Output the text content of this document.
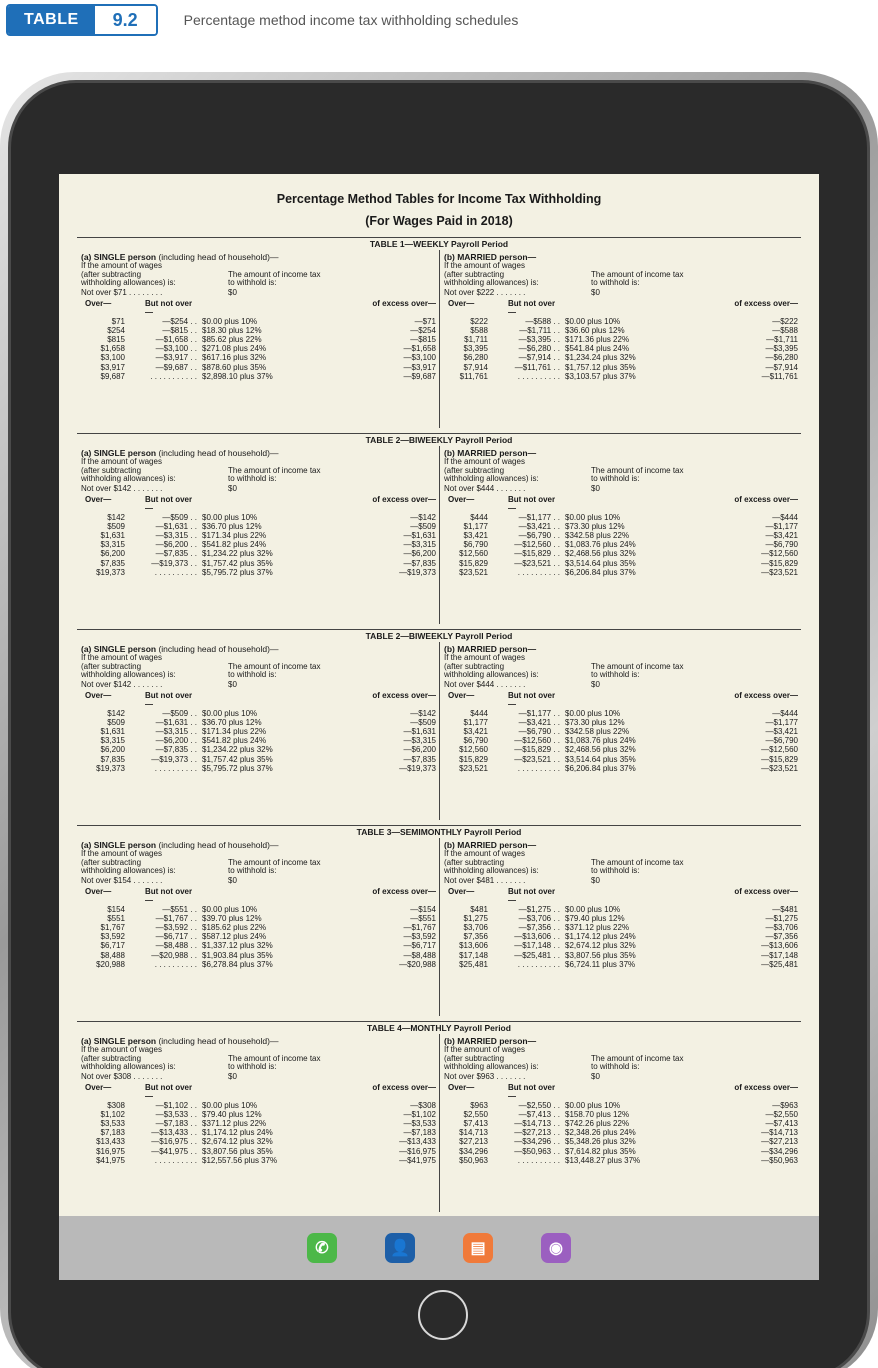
TABLE	9.2	Percentage method income tax withholding schedules
Percentage Method Tables for Income Tax Withholding
(For Wages Paid in 2018)
TABLE 1—WEEKLY Payroll Period
(a) SINGLE person (including head of household)—
If the amount of wages
(after subtracting	The amount of income tax
withholding allowances) is:	to withhold is:
Not over $71 . . . . . . . .	$0
Over—	But not over—
of excess over—
$71	—$254 . . $0.00 plus 10%	—$71
$254	—$815 . . $18.30 plus 12%	—$254
$815	—$1,658 . . $85.62 plus 22%	—$815
$1,658	—$3,100 . . $271.08 plus 24%	—$1,658
$3,100	—$3,917 . . $617.16 plus 32%	—$3,100
$3,917	—$9,687 . . $878.60 plus 35%	—$3,917
$9,687	. . . . . . . . . . . $2,898.10 plus 37%	—$9,687
(b) MARRIED person—
If the amount of wages
(after subtracting	The amount of income tax
withholding allowances) is:	to withhold is:
Not over $222 . . . . . . .	$0
Over—	But not over—
of excess over—
$222	—$588 . . $0.00 plus 10%	—$222
$588	—$1,711 . . $36.60 plus 12%	—$588
$1,711	—$3,395 . . $171.36 plus 22%	—$1,711
$3,395	—$6,280 . . $541.84 plus 24%	—$3,395
$6,280	—$7,914 . . $1,234.24 plus 32%	—$6,280
$7,914	—$11,761 . . $1,757.12 plus 35%	—$7,914
$11,761	. . . . . . . . . . $3,103.57 plus 37%	—$11,761
TABLE 2—BIWEEKLY Payroll Period
(a) SINGLE person (including head of household)—
If the amount of wages
(after subtracting	The amount of income tax
withholding allowances) is:	to withhold is:
Not over $142 . . . . . . .	$0
Over—	But not over—
of excess over—
$142	—$509 . . $0.00 plus 10%	—$142
$509	—$1,631 . . $36.70 plus 12%	—$509
$1,631	—$3,315 . . $171.34 plus 22%	—$1,631
$3,315	—$6,200 . . $541.82 plus 24%	—$3,315
$6,200	—$7,835 . . $1,234.22 plus 32%	—$6,200
$7,835	—$19,373 . . $1,757.42 plus 35%	—$7,835
$19,373	. . . . . . . . . . $5,795.72 plus 37%	—$19,373
(b) MARRIED person—
If the amount of wages
(after subtracting	The amount of income tax
withholding allowances) is:	to withhold is:
Not over $444 . . . . . . .	$0
Over—	But not over—
of excess over—
$444	—$1,177 . . $0.00 plus 10%	—$444
$1,177	—$3,421 . . $73.30 plus 12%	—$1,177
$3,421	—$6,790 . . $342.58 plus 22%	—$3,421
$6,790	—$12,560 . . $1,083.76 plus 24%	—$6,790
$12,560	—$15,829 . . $2,468.56 plus 32%	—$12,560
$15,829	—$23,521 . . $3,514.64 plus 35%	—$15,829
$23,521	. . . . . . . . . . $6,206.84 plus 37%	—$23,521
TABLE 2—BIWEEKLY Payroll Period
(a) SINGLE person (including head of household)—
If the amount of wages
(after subtracting	The amount of income tax
withholding allowances) is:	to withhold is:
Not over $142 . . . . . . .	$0
Over—	But not over—
of excess over—
$142	—$509 . . $0.00 plus 10%	—$142
$509	—$1,631 . . $36.70 plus 12%	—$509
$1,631	—$3,315 . . $171.34 plus 22%	—$1,631
$3,315	—$6,200 . . $541.82 plus 24%	—$3,315
$6,200	—$7,835 . . $1,234.22 plus 32%	—$6,200
$7,835	—$19,373 . . $1,757.42 plus 35%	—$7,835
$19,373	. . . . . . . . . . $5,795.72 plus 37%	—$19,373
(b) MARRIED person—
If the amount of wages
(after subtracting	The amount of income tax
withholding allowances) is:	to withhold is:
Not over $444 . . . . . . .	$0
Over—	But not over—
of excess over—
$444	—$1,177 . . $0.00 plus 10%	—$444
$1,177	—$3,421 . . $73.30 plus 12%	—$1,177
$3,421	—$6,790 . . $342.58 plus 22%	—$3,421
$6,790	—$12,560 . . $1,083.76 plus 24%	—$6,790
$12,560	—$15,829 . . $2,468.56 plus 32%	—$12,560
$15,829	—$23,521 . . $3,514.64 plus 35%	—$15,829
$23,521	. . . . . . . . . . $6,206.84 plus 37%	—$23,521
TABLE 3—SEMIMONTHLY Payroll Period
(a) SINGLE person (including head of household)—
If the amount of wages
(after subtracting	The amount of income tax
withholding allowances) is:	to withhold is:
Not over $154 . . . . . . .	$0
Over—	But not over—
of excess over—
$154	—$551 . . $0.00 plus 10%	—$154
$551	—$1,767 . . $39.70 plus 12%	—$551
$1,767	—$3,592 . . $185.62 plus 22%	—$1,767
$3,592	—$6,717 . . $587.12 plus 24%	—$3,592
$6,717	—$8,488 . . $1,337.12 plus 32%	—$6,717
$8,488	—$20,988 . . $1,903.84 plus 35%	—$8,488
$20,988	. . . . . . . . . . $6,278.84 plus 37%	—$20,988
(b) MARRIED person—
If the amount of wages
(after subtracting	The amount of income tax
withholding allowances) is:	to withhold is:
Not over $481 . . . . . . .	$0
Over—	But not over—
of excess over—
$481	—$1,275 . . $0.00 plus 10%	—$481
$1,275	—$3,706 . . $79.40 plus 12%	—$1,275
$3,706	—$7,356 . . $371.12 plus 22%	—$3,706
$7,356	—$13,606 . . $1,174.12 plus 24%	—$7,356
$13,606	—$17,148 . . $2,674.12 plus 32%	—$13,606
$17,148	—$25,481 . . $3,807.56 plus 35%	—$17,148
$25,481	. . . . . . . . . . $6,724.11 plus 37%	—$25,481
TABLE 4—MONTHLY Payroll Period
(a) SINGLE person (including head of household)—
If the amount of wages
(after subtracting	The amount of income tax
withholding allowances) is:	to withhold is:
Not over $308 . . . . . . .	$0
Over—	But not over—
of excess over—
$308	—$1,102 . . $0.00 plus 10%	—$308
$1,102	—$3,533 . . $79.40 plus 12%	—$1,102
$3,533	—$7,183 . . $371.12 plus 22%	—$3,533
$7,183	—$13,433 . . $1,174.12 plus 24%	—$7,183
$13,433	—$16,975 . . $2,674.12 plus 32%	—$13,433
$16,975	—$41,975 . . $3,807.56 plus 35%	—$16,975
$41,975	. . . . . . . . . . $12,557.56 plus 37%	—$41,975
(b) MARRIED person—
If the amount of wages
(after subtracting	The amount of income tax
withholding allowances) is:	to withhold is:
Not over $963 . . . . . . .	$0
Over—	But not over—
of excess over—
$963	—$2,550 . . $0.00 plus 10%	—$963
$2,550	—$7,413 . . $158.70 plus 12%	—$2,550
$7,413	—$14,713 . . $742.26 plus 22%	—$7,413
$14,713	—$27,213 . . $2,348.26 plus 24%	—$14,713
$27,213	—$34,296 . . $5,348.26 plus 32%	—$27,213
$34,296	—$50,963 . . $7,614.82 plus 35%	—$34,296
$50,963	. . . . . . . . . . $13,448.27 plus 37%	—$50,963
✆	👤	▤	◉
